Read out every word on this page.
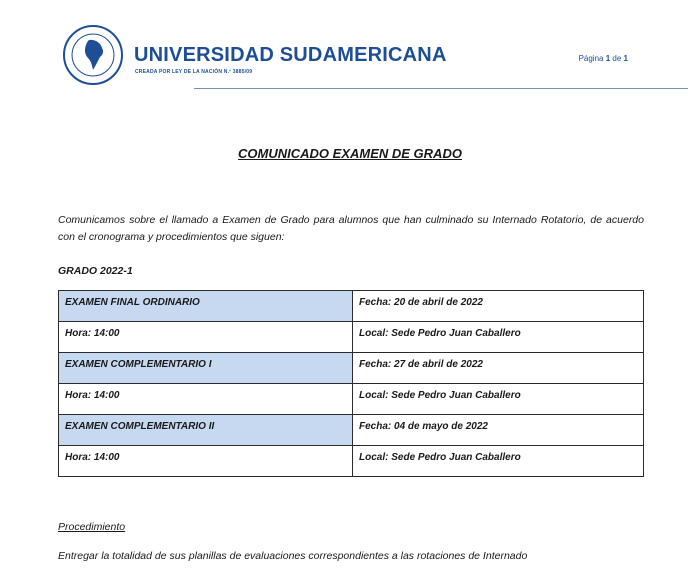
UNIVERSIDAD SUDAMERICANA
CREADA POR LEY DE LA NACIÓN N.º 3885/09
Página 1 de 1
COMUNICADO EXAMEN DE GRADO
Comunicamos sobre el llamado a Examen de Grado para alumnos que han culminado su Internado Rotatorio, de acuerdo con el cronograma y procedimientos que siguen:
GRADO 2022-1
EXAMEN FINAL ORDINARIO	Fecha: 20 de abril de 2022
Hora: 14:00	Local: Sede Pedro Juan Caballero
EXAMEN COMPLEMENTARIO I	Fecha: 27 de abril de 2022
Hora: 14:00	Local: Sede Pedro Juan Caballero
EXAMEN COMPLEMENTARIO II	Fecha: 04 de mayo de 2022
Hora: 14:00	Local: Sede Pedro Juan Caballero
Procedimiento
Entregar la totalidad de sus planillas de evaluaciones correspondientes a las rotaciones de Internado
